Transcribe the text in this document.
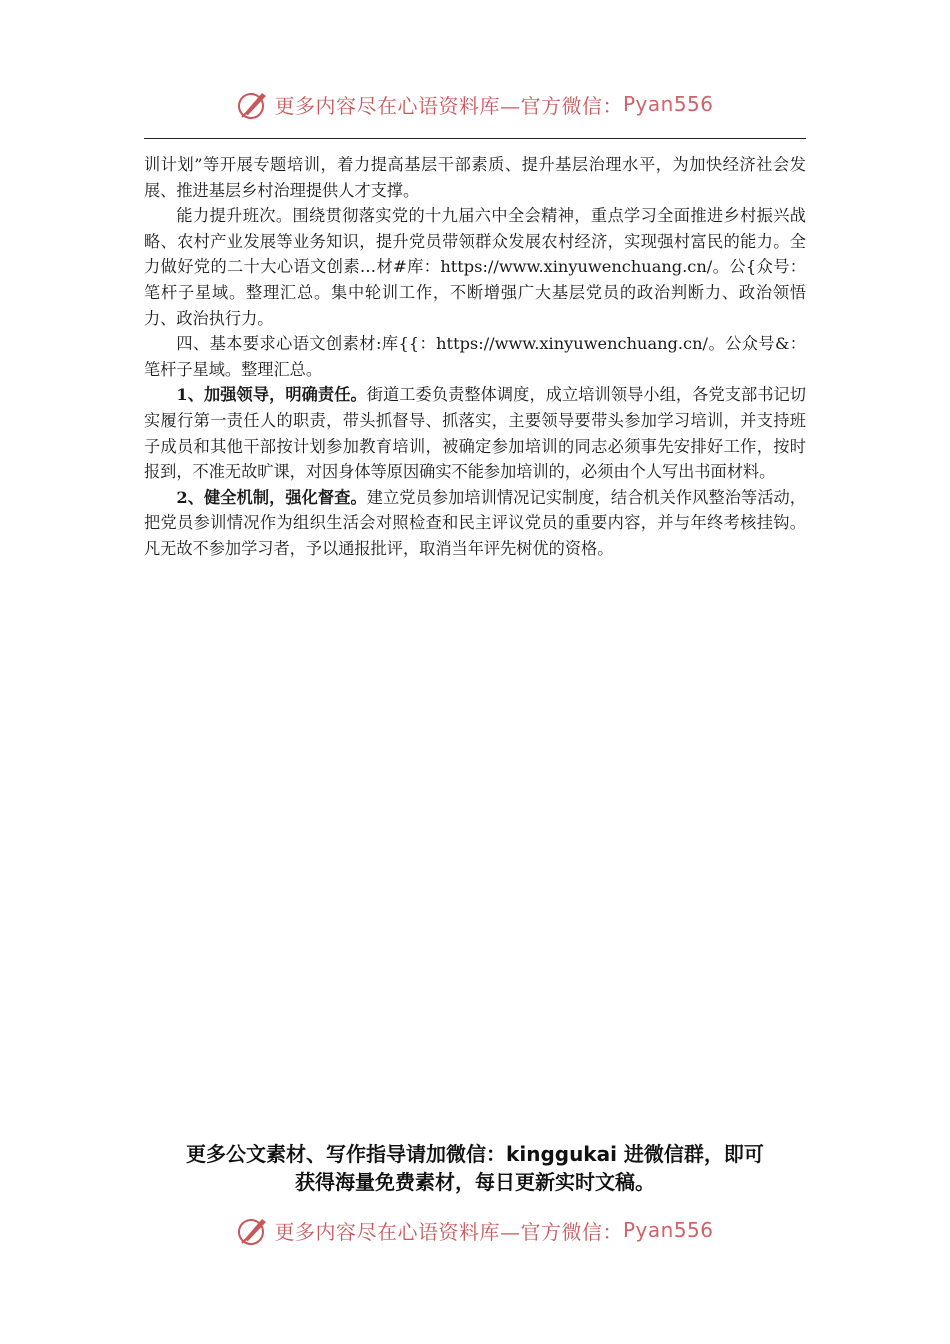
更多内容尽在心语资料库—官方微信： Pyan556

训计划”等开展专题培训，着力提高基层干部素质、提升基层治理水平，为加快经济社会发展、推进基层乡村治理提供人才支撑。

能力提升班次。围绕贯彻落实党的十九届六中全会精神，重点学习全面推进乡村振兴战略、农村产业发展等业务知识，提升党员带领群众发展农村经济，实现强村富民的能力。全力做好党的二十大心语文创素…材#库：https://www.xinyuwenchuang.cn/。公{众号：笔杆子星域。整理汇总。集中轮训工作，不断增强广大基层党员的政治判断力、政治领悟力、政治执行力。

四、基本要求心语文创素材:库{{：https://www.xinyuwenchuang.cn/。公众号&：笔杆子星域。整理汇总。

1、加强领导，明确责任。街道工委负责整体调度，成立培训领导小组，各党支部书记切实履行第一责任人的职责，带头抓督导、抓落实，主要领导要带头参加学习培训，并支持班子成员和其他干部按计划参加教育培训，被确定参加培训的同志必须事先安排好工作，按时报到，不准无故旷课，对因身体等原因确实不能参加培训的，必须由个人写出书面材料。

2、健全机制，强化督查。建立党员参加培训情况记实制度，结合机关作风整治等活动，把党员参训情况作为组织生活会对照检查和民主评议党员的重要内容，并与年终考核挂钩。凡无故不参加学习者，予以通报批评，取消当年评先树优的资格。

更多公文素材、写作指导请加微信：kinggukai 进微信群，即可
获得海量免费素材，每日更新实时文稿。
更多内容尽在心语资料库—官方微信： Pyan556
